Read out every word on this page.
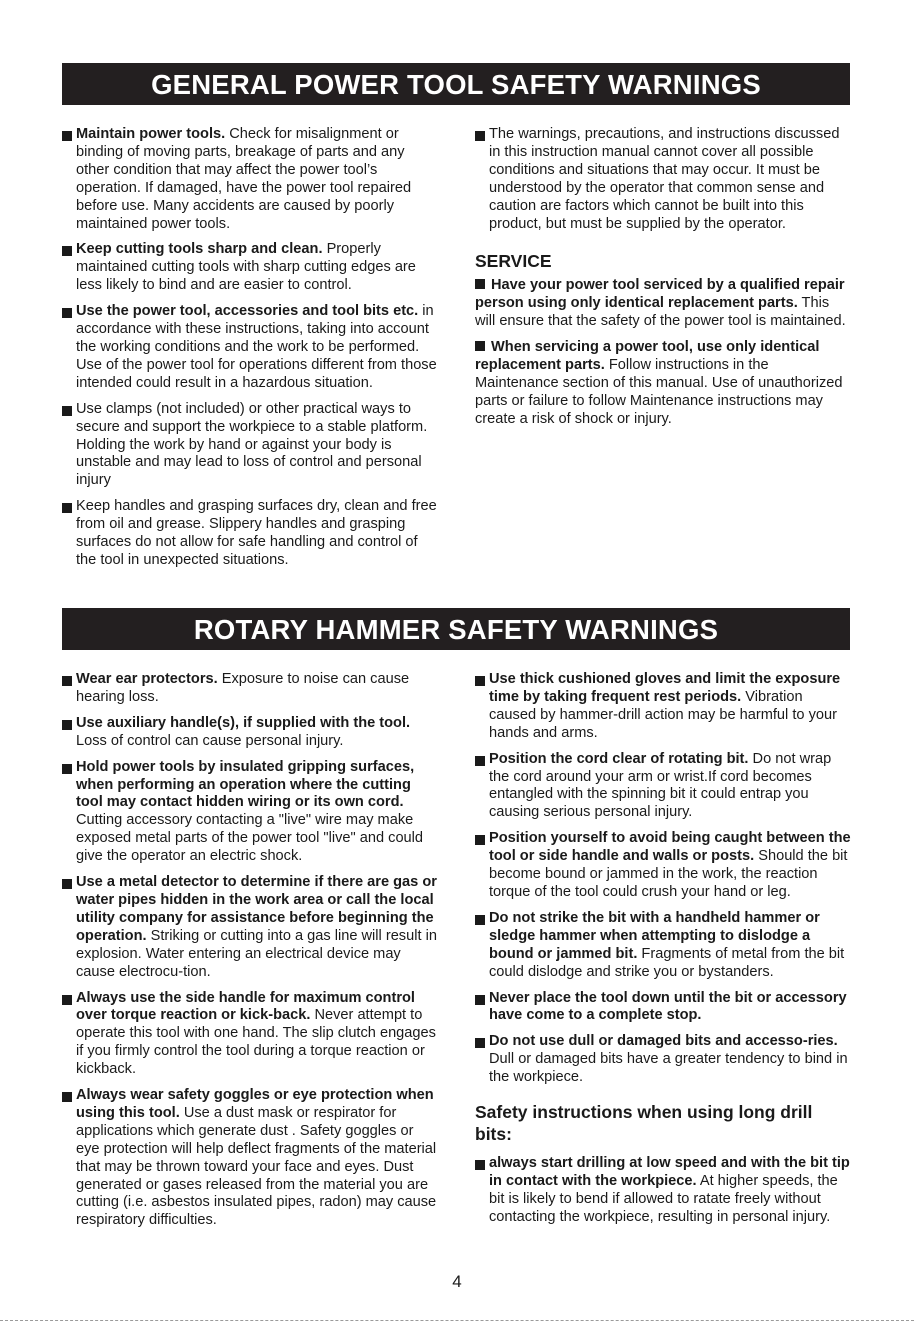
GENERAL POWER TOOL SAFETY WARNINGS
Maintain power tools. Check for misalignment or binding of moving parts, breakage of parts and any other condition that may affect the power tool’s operation. If damaged, have the power tool repaired before use. Many accidents are caused by poorly maintained power tools.
Keep cutting tools sharp and clean. Properly maintained cutting tools with sharp cutting edges are less likely to bind and are easier to control.
Use the power tool, accessories and tool bits etc. in accordance with these instructions, taking into account the working conditions and the work to be performed. Use of the power tool for operations different from those intended could result in a hazardous situation.
Use clamps (not included) or other practical ways to secure and support the workpiece to a stable platform. Holding the work by hand or against your body is unstable and may lead to loss of control and personal injury
Keep handles and grasping surfaces dry, clean and free from oil and grease. Slippery handles and grasping surfaces do not allow for safe handling and control of the tool in unexpected situations.
The warnings, precautions, and instructions discussed in this instruction manual cannot cover all possible conditions and situations that may occur. It must be understood by the operator that common sense and caution are factors which cannot be built into this product, but must be supplied by the operator.
SERVICE
Have your power tool serviced by a qualified repair person using only identical replacement parts. This will ensure that the safety of the power tool is maintained.
When servicing a power tool, use only identical replacement parts. Follow instructions in the Maintenance section of this manual. Use of unauthorized parts or failure to follow Maintenance instructions may create a risk of shock or injury.
ROTARY HAMMER SAFETY WARNINGS
Wear ear protectors. Exposure to noise can cause hearing loss.
Use auxiliary handle(s), if supplied with the tool. Loss of control can cause personal injury.
Hold power tools by insulated gripping surfaces, when performing an operation where the cutting tool may contact hidden wiring or its own cord. Cutting accessory contacting a "live" wire may make exposed metal parts of the power tool "live" and could give the operator an electric shock.
Use a metal detector to determine if there are gas or water pipes hidden in the work area or call the local utility company for assistance before beginning the operation. Striking or cutting into a gas line will result in explosion. Water entering an electrical device may cause electrocu-tion.
Always use the side handle for maximum control over torque reaction or kick-back. Never attempt to operate this tool with one hand. The slip clutch engages if you firmly control the tool during a torque reaction or kickback.
Always wear safety goggles or eye protection when using this tool. Use a dust mask or respirator for applications which generate dust . Safety goggles or eye protection will help deflect fragments of the material that may be thrown toward your face and eyes. Dust generated or gases released from the material you are cutting (i.e. asbestos insulated pipes, radon) may cause respiratory difficulties.
Use thick cushioned gloves and limit the exposure time by taking frequent rest periods. Vibration caused by hammer-drill action may be harmful to your hands and arms.
Position the cord clear of rotating bit. Do not wrap the cord around your arm or wrist.If cord becomes entangled with the spinning bit it could entrap you causing serious personal injury.
Position yourself to avoid being caught between the tool or side handle and walls or posts. Should the bit become bound or jammed in the work, the reaction torque of the tool could crush your hand or leg.
Do not strike the bit with a handheld hammer or sledge hammer when attempting to dislodge a bound or jammed bit. Fragments of metal from the bit could dislodge and strike you or bystanders.
Never place the tool down until the bit or accessory have come to a complete stop.
Do not use dull or damaged bits and accesso-ries. Dull or damaged bits have a greater tendency to bind in the workpiece.
Safety instructions when using long drill bits:
always start drilling at low speed and with the bit tip in contact with the workpiece. At higher speeds, the bit is likely to bend if allowed to ratate freely without contacting the workpiece, resulting in personal injury.
4
